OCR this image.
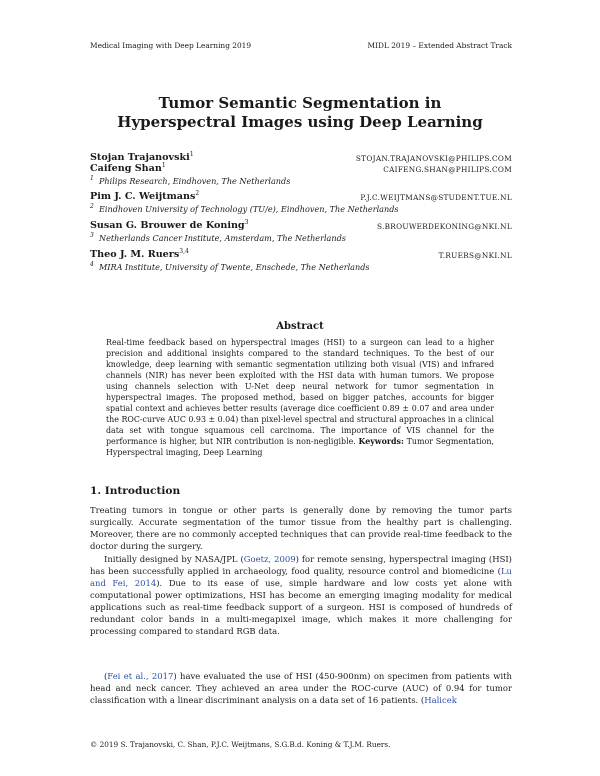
Medical Imaging with Deep Learning 2019	MIDL 2019 – Extended Abstract Track
Tumor Semantic Segmentation in
Hyperspectral Images using Deep Learning
Stojan Trajanovski$^1$	STOJAN.TRAJANOVSKI@PHILIPS.COM
Caifeng Shan$^1$	CAIFENG.SHAN@PHILIPS.COM
$^1$ Philips Research, Eindhoven, The Netherlands
Pim J. C. Weijtmans$^2$	P.J.C.WEIJTMANS@STUDENT.TUE.NL
$^2$ Eindhoven University of Technology (TU/e), Eindhoven, The Netherlands
Susan G. Brouwer de Koning$^3$	S.BROUWERDEKONING@NKI.NL
$^3$ Netherlands Cancer Institute, Amsterdam, The Netherlands
Theo J. M. Ruers$^{3,4}$	T.RUERS@NKI.NL
$^4$ MIRA Institute, University of Twente, Enschede, The Netherlands
Abstract
Real-time feedback based on hyperspectral images (HSI) to a surgeon can lead to a higher precision and additional insights compared to the standard techniques. To the best of our knowledge, deep learning with semantic segmentation utilizing both visual (VIS) and infrared channels (NIR) has never been exploited with the HSI data with human tumors. We propose using channels selection with U-Net deep neural network for tumor segmentation in hyperspectral images. The proposed method, based on bigger patches, accounts for bigger spatial context and achieves better results (average dice coefficient 0.89 ± 0.07 and area under the ROC-curve AUC 0.93 ± 0.04) than pixel-level spectral and structural approaches in a clinical data set with tongue squamous cell carcinoma. The importance of VIS channel for the performance is higher, but NIR contribution is non-negligible. Keywords: Tumor Segmentation, Hyperspectral imaging, Deep Learning
1. Introduction
Treating tumors in tongue or other parts is generally done by removing the tumor parts surgically. Accurate segmentation of the tumor tissue from the healthy part is challenging. Moreover, there are no commonly accepted techniques that can provide real-time feedback to the doctor during the surgery.
Initially designed by NASA/JPL (Goetz, 2009) for remote sensing, hyperspectral imaging (HSI) has been successfully applied in archaeology, food quality, resource control and biomedicine (Lu and Fei, 2014). Due to its ease of use, simple hardware and low costs yet alone with computational power optimizations, HSI has become an emerging imaging modality for medical applications such as real-time feedback support of a surgeon. HSI is composed of hundreds of redundant color bands in a multi-megapixel image, which makes it more challenging for processing compared to standard RGB data.
(Fei et al., 2017) have evaluated the use of HSI (450-900nm) on specimen from patients with head and neck cancer. They achieved an area under the ROC-curve (AUC) of 0.94 for tumor classification with a linear discriminant analysis on a data set of 16 patients. (Halicek
© 2019 S. Trajanovski, C. Shan, P.J.C. Weijtmans, S.G.B.d. Koning & T.J.M. Ruers.
